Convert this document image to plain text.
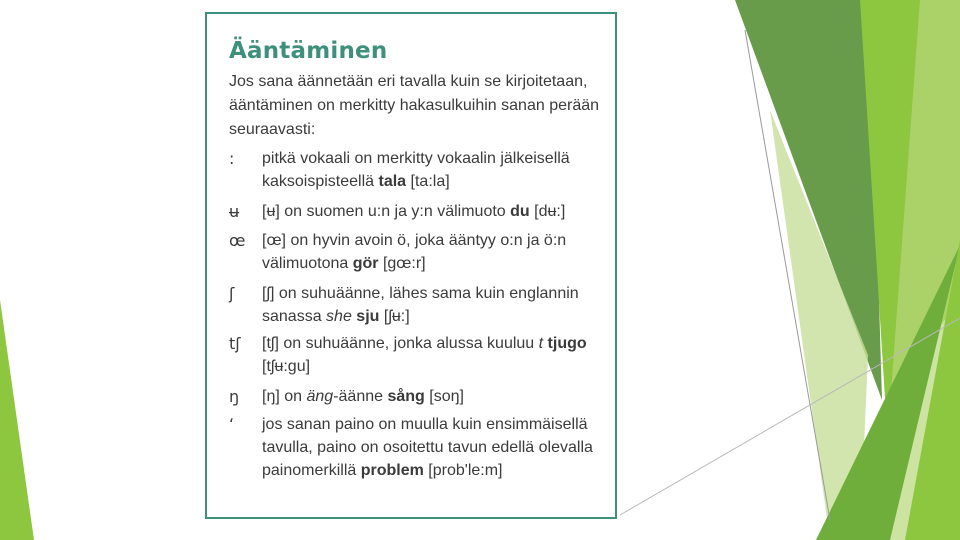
Ääntäminen

Jos sana äännetään eri tavalla kuin se kirjoitetaan, ääntäminen on merkitty hakasulkuihin sanan perään seuraavasti:

:	pitkä vokaali on merkitty vokaalin jälkeisellä kaksoispisteellä tala [ta:la]

ʉ	[ʉ] on suomen u:n ja y:n välimuoto du [dʉ:]

œ	[œ] on hyvin avoin ö, joka ääntyy o:n ja ö:n välimuotona gör [gœ:r]

ʃ	[ʃ] on suhuäänne, lähes sama kuin englannin sanassa she sju [ʃʉ:]

tʃ	[tʃ] on suhuäänne, jonka alussa kuuluu t tjugo [tʃʉ:gu]

ŋ	[ŋ] on äng-äänne sång [soŋ]

ʻ	jos sanan paino on muulla kuin ensimmäisellä tavulla, paino on osoitettu tavun edellä olevalla painomerkillä problem [prob'le:m]
